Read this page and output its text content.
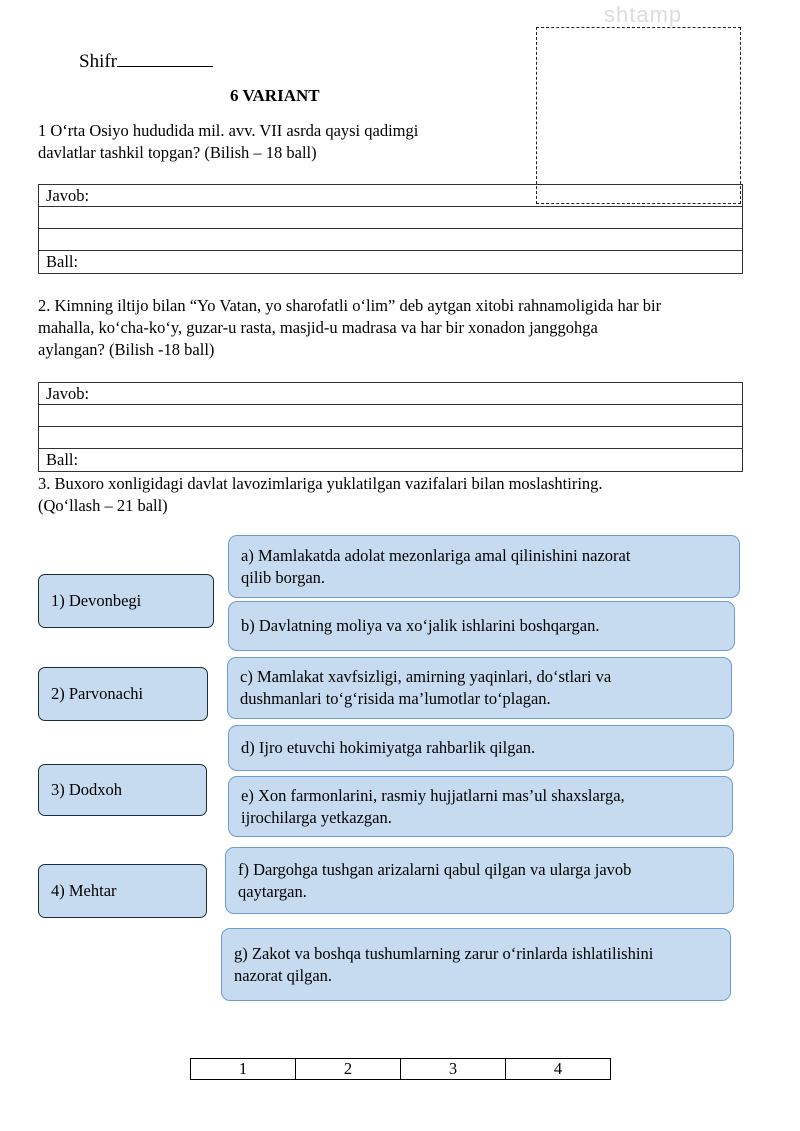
shtamp
Shifr
6 VARIANT
1 O‘rta Osiyo hududida mil. avv. VII asrda qaysi qadimgi
davlatlar tashkil topgan? (Bilish – 18 ball)
Javob:
Ball:
2. Kimning iltijo bilan “Yo Vatan, yo sharofatli o‘lim” deb aytgan xitobi rahnamoligida har bir
mahalla, ko‘cha-ko‘y, guzar-u rasta, masjid-u madrasa va har bir xonadon janggohga
aylangan? (Bilish -18 ball)
Javob:
Ball:
3. Buxoro xonligidagi davlat lavozimlariga yuklatilgan vazifalari bilan moslashtiring.
(Qo‘llash – 21 ball)
1) Devonbegi
2) Parvonachi
3) Dodxoh
4) Mehtar
a) Mamlakatda adolat mezonlariga amal qilinishini nazorat
qilib borgan.
b) Davlatning moliya va xo‘jalik ishlarini boshqargan.
c) Mamlakat xavfsizligi, amirning yaqinlari, do‘stlari va
dushmanlari to‘g‘risida ma’lumotlar to‘plagan.
d) Ijro etuvchi hokimiyatga rahbarlik qilgan.
e) Xon farmonlarini, rasmiy hujjatlarni mas’ul shaxslarga,
ijrochilarga yetkazgan.
f) Dargohga tushgan arizalarni qabul qilgan va ularga javob
qaytargan.
g) Zakot va boshqa tushumlarning zarur o‘rinlarda ishlatilishini
nazorat qilgan.
1	2	3	4
